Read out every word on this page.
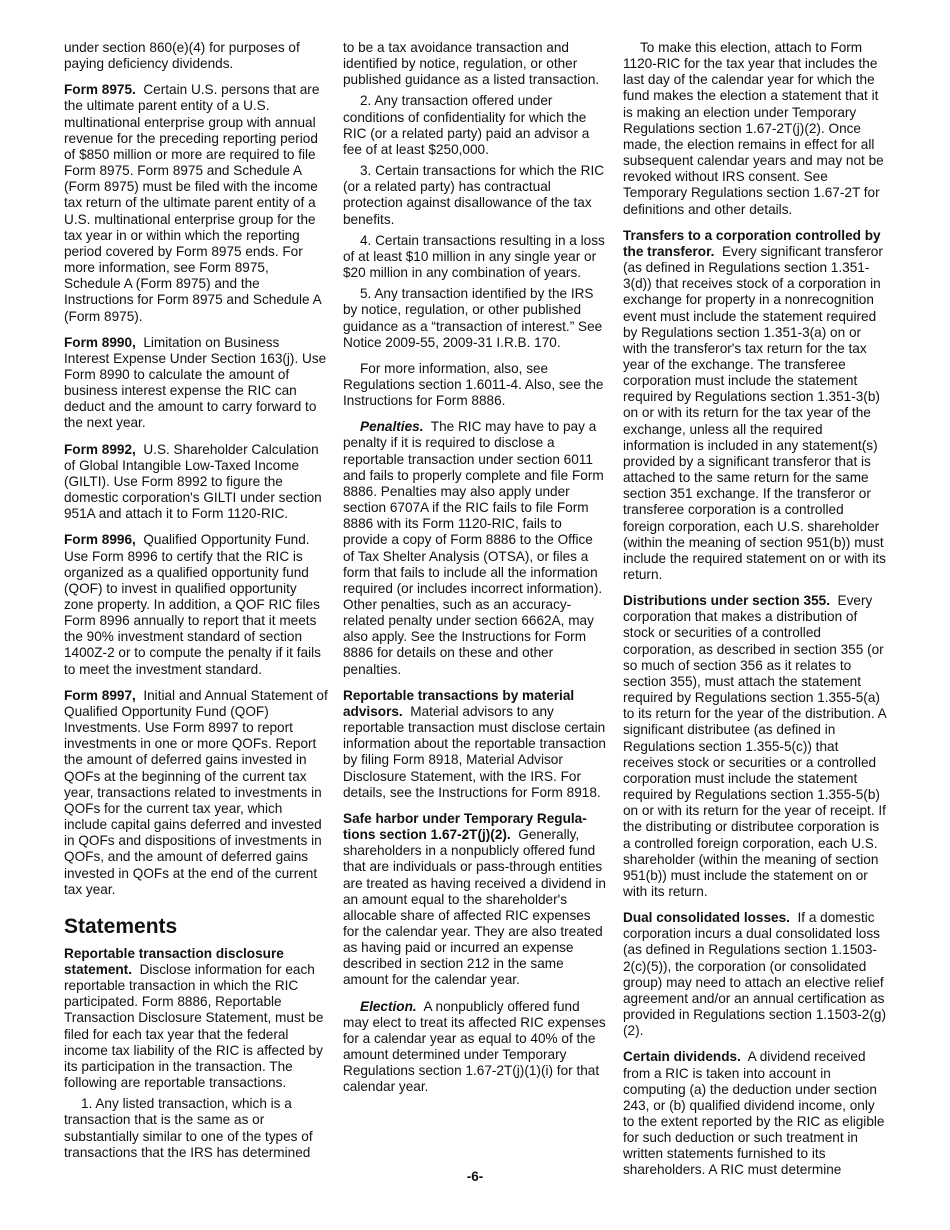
under section 860(e)(4) for purposes of paying deficiency dividends.

Form 8975. Certain U.S. persons that are the ultimate parent entity of a U.S. multinational enterprise group with annual revenue for the preceding reporting period of $850 million or more are required to file Form 8975. Form 8975 and Schedule A (Form 8975) must be filed with the income tax return of the ultimate parent entity of a U.S. multinational enterprise group for the tax year in or within which the reporting period covered by Form 8975 ends. For more information, see Form 8975, Schedule A (Form 8975) and the Instructions for Form 8975 and Schedule A (Form 8975).

Form 8990, Limitation on Business Interest Expense Under Section 163(j). Use Form 8990 to calculate the amount of business interest expense the RIC can deduct and the amount to carry forward to the next year.

Form 8992, U.S. Shareholder Calculation of Global Intangible Low-Taxed Income (GILTI). Use Form 8992 to figure the domestic corporation's GILTI under section 951A and attach it to Form 1120-RIC.

Form 8996, Qualified Opportunity Fund. Use Form 8996 to certify that the RIC is organized as a qualified opportunity fund (QOF) to invest in qualified opportunity zone property. In addition, a QOF RIC files Form 8996 annually to report that it meets the 90% investment standard of section 1400Z-2 or to compute the penalty if it fails to meet the investment standard.

Form 8997, Initial and Annual Statement of Qualified Opportunity Fund (QOF) Investments. Use Form 8997 to report investments in one or more QOFs. Report the amount of deferred gains invested in QOFs at the beginning of the current tax year, transactions related to investments in QOFs for the current tax year, which include capital gains deferred and invested in QOFs and dispositions of investments in QOFs, and the amount of deferred gains invested in QOFs at the end of the current tax year.

Statements

Reportable transaction disclosure statement. Disclose information for each reportable transaction in which the RIC participated. Form 8886, Reportable Transaction Disclosure Statement, must be filed for each tax year that the federal income tax liability of the RIC is affected by its participation in the transaction. The following are reportable transactions.

1. Any listed transaction, which is a transaction that is the same as or substantially similar to one of the types of transactions that the IRS has determined

to be a tax avoidance transaction and identified by notice, regulation, or other published guidance as a listed transaction.

2. Any transaction offered under conditions of confidentiality for which the RIC (or a related party) paid an advisor a fee of at least $250,000.

3. Certain transactions for which the RIC (or a related party) has contractual protection against disallowance of the tax benefits.

4. Certain transactions resulting in a loss of at least $10 million in any single year or $20 million in any combination of years.

5. Any transaction identified by the IRS by notice, regulation, or other published guidance as a “transaction of interest.” See Notice 2009-55, 2009-31 I.R.B. 170.

For more information, also, see Regulations section 1.6011-4. Also, see the Instructions for Form 8886.

Penalties. The RIC may have to pay a penalty if it is required to disclose a reportable transaction under section 6011 and fails to properly complete and file Form 8886. Penalties may also apply under section 6707A if the RIC fails to file Form 8886 with its Form 1120-RIC, fails to provide a copy of Form 8886 to the Office of Tax Shelter Analysis (OTSA), or files a form that fails to include all the information required (or includes incorrect information). Other penalties, such as an accuracy-related penalty under section 6662A, may also apply. See the Instructions for Form 8886 for details on these and other penalties.

Reportable transactions by material advisors. Material advisors to any reportable transaction must disclose certain information about the reportable transaction by filing Form 8918, Material Advisor Disclosure Statement, with the IRS. For details, see the Instructions for Form 8918.

Safe harbor under Temporary Regula-tions section 1.67-2T(j)(2). Generally, shareholders in a nonpublicly offered fund that are individuals or pass-through entities are treated as having received a dividend in an amount equal to the shareholder's allocable share of affected RIC expenses for the calendar year. They are also treated as having paid or incurred an expense described in section 212 in the same amount for the calendar year.

Election. A nonpublicly offered fund may elect to treat its affected RIC expenses for a calendar year as equal to 40% of the amount determined under Temporary Regulations section 1.67-2T(j)(1)(i) for that calendar year.

To make this election, attach to Form 1120-RIC for the tax year that includes the last day of the calendar year for which the fund makes the election a statement that it is making an election under Temporary Regulations section 1.67-2T(j)(2). Once made, the election remains in effect for all subsequent calendar years and may not be revoked without IRS consent. See Temporary Regulations section 1.67-2T for definitions and other details.

Transfers to a corporation controlled by the transferor. Every significant transferor (as defined in Regulations section 1.351-3(d)) that receives stock of a corporation in exchange for property in a nonrecognition event must include the statement required by Regulations section 1.351-3(a) on or with the transferor's tax return for the tax year of the exchange. The transferee corporation must include the statement required by Regulations section 1.351-3(b) on or with its return for the tax year of the exchange, unless all the required information is included in any statement(s) provided by a significant transferor that is attached to the same return for the same section 351 exchange. If the transferor or transferee corporation is a controlled foreign corporation, each U.S. shareholder (within the meaning of section 951(b)) must include the required statement on or with its return.

Distributions under section 355. Every corporation that makes a distribution of stock or securities of a controlled corporation, as described in section 355 (or so much of section 356 as it relates to section 355), must attach the statement required by Regulations section 1.355-5(a) to its return for the year of the distribution. A significant distributee (as defined in Regulations section 1.355-5(c)) that receives stock or securities or a controlled corporation must include the statement required by Regulations section 1.355-5(b) on or with its return for the year of receipt. If the distributing or distributee corporation is a controlled foreign corporation, each U.S. shareholder (within the meaning of section 951(b)) must include the statement on or with its return.

Dual consolidated losses. If a domestic corporation incurs a dual consolidated loss (as defined in Regulations section 1.1503-2(c)(5)), the corporation (or consolidated group) may need to attach an elective relief agreement and/or an annual certification as provided in Regulations section 1.1503-2(g)(2).

Certain dividends. A dividend received from a RIC is taken into account in computing (a) the deduction under section 243, or (b) qualified dividend income, only to the extent reported by the RIC as eligible for such deduction or such treatment in written statements furnished to its shareholders. A RIC must determine

-6-
